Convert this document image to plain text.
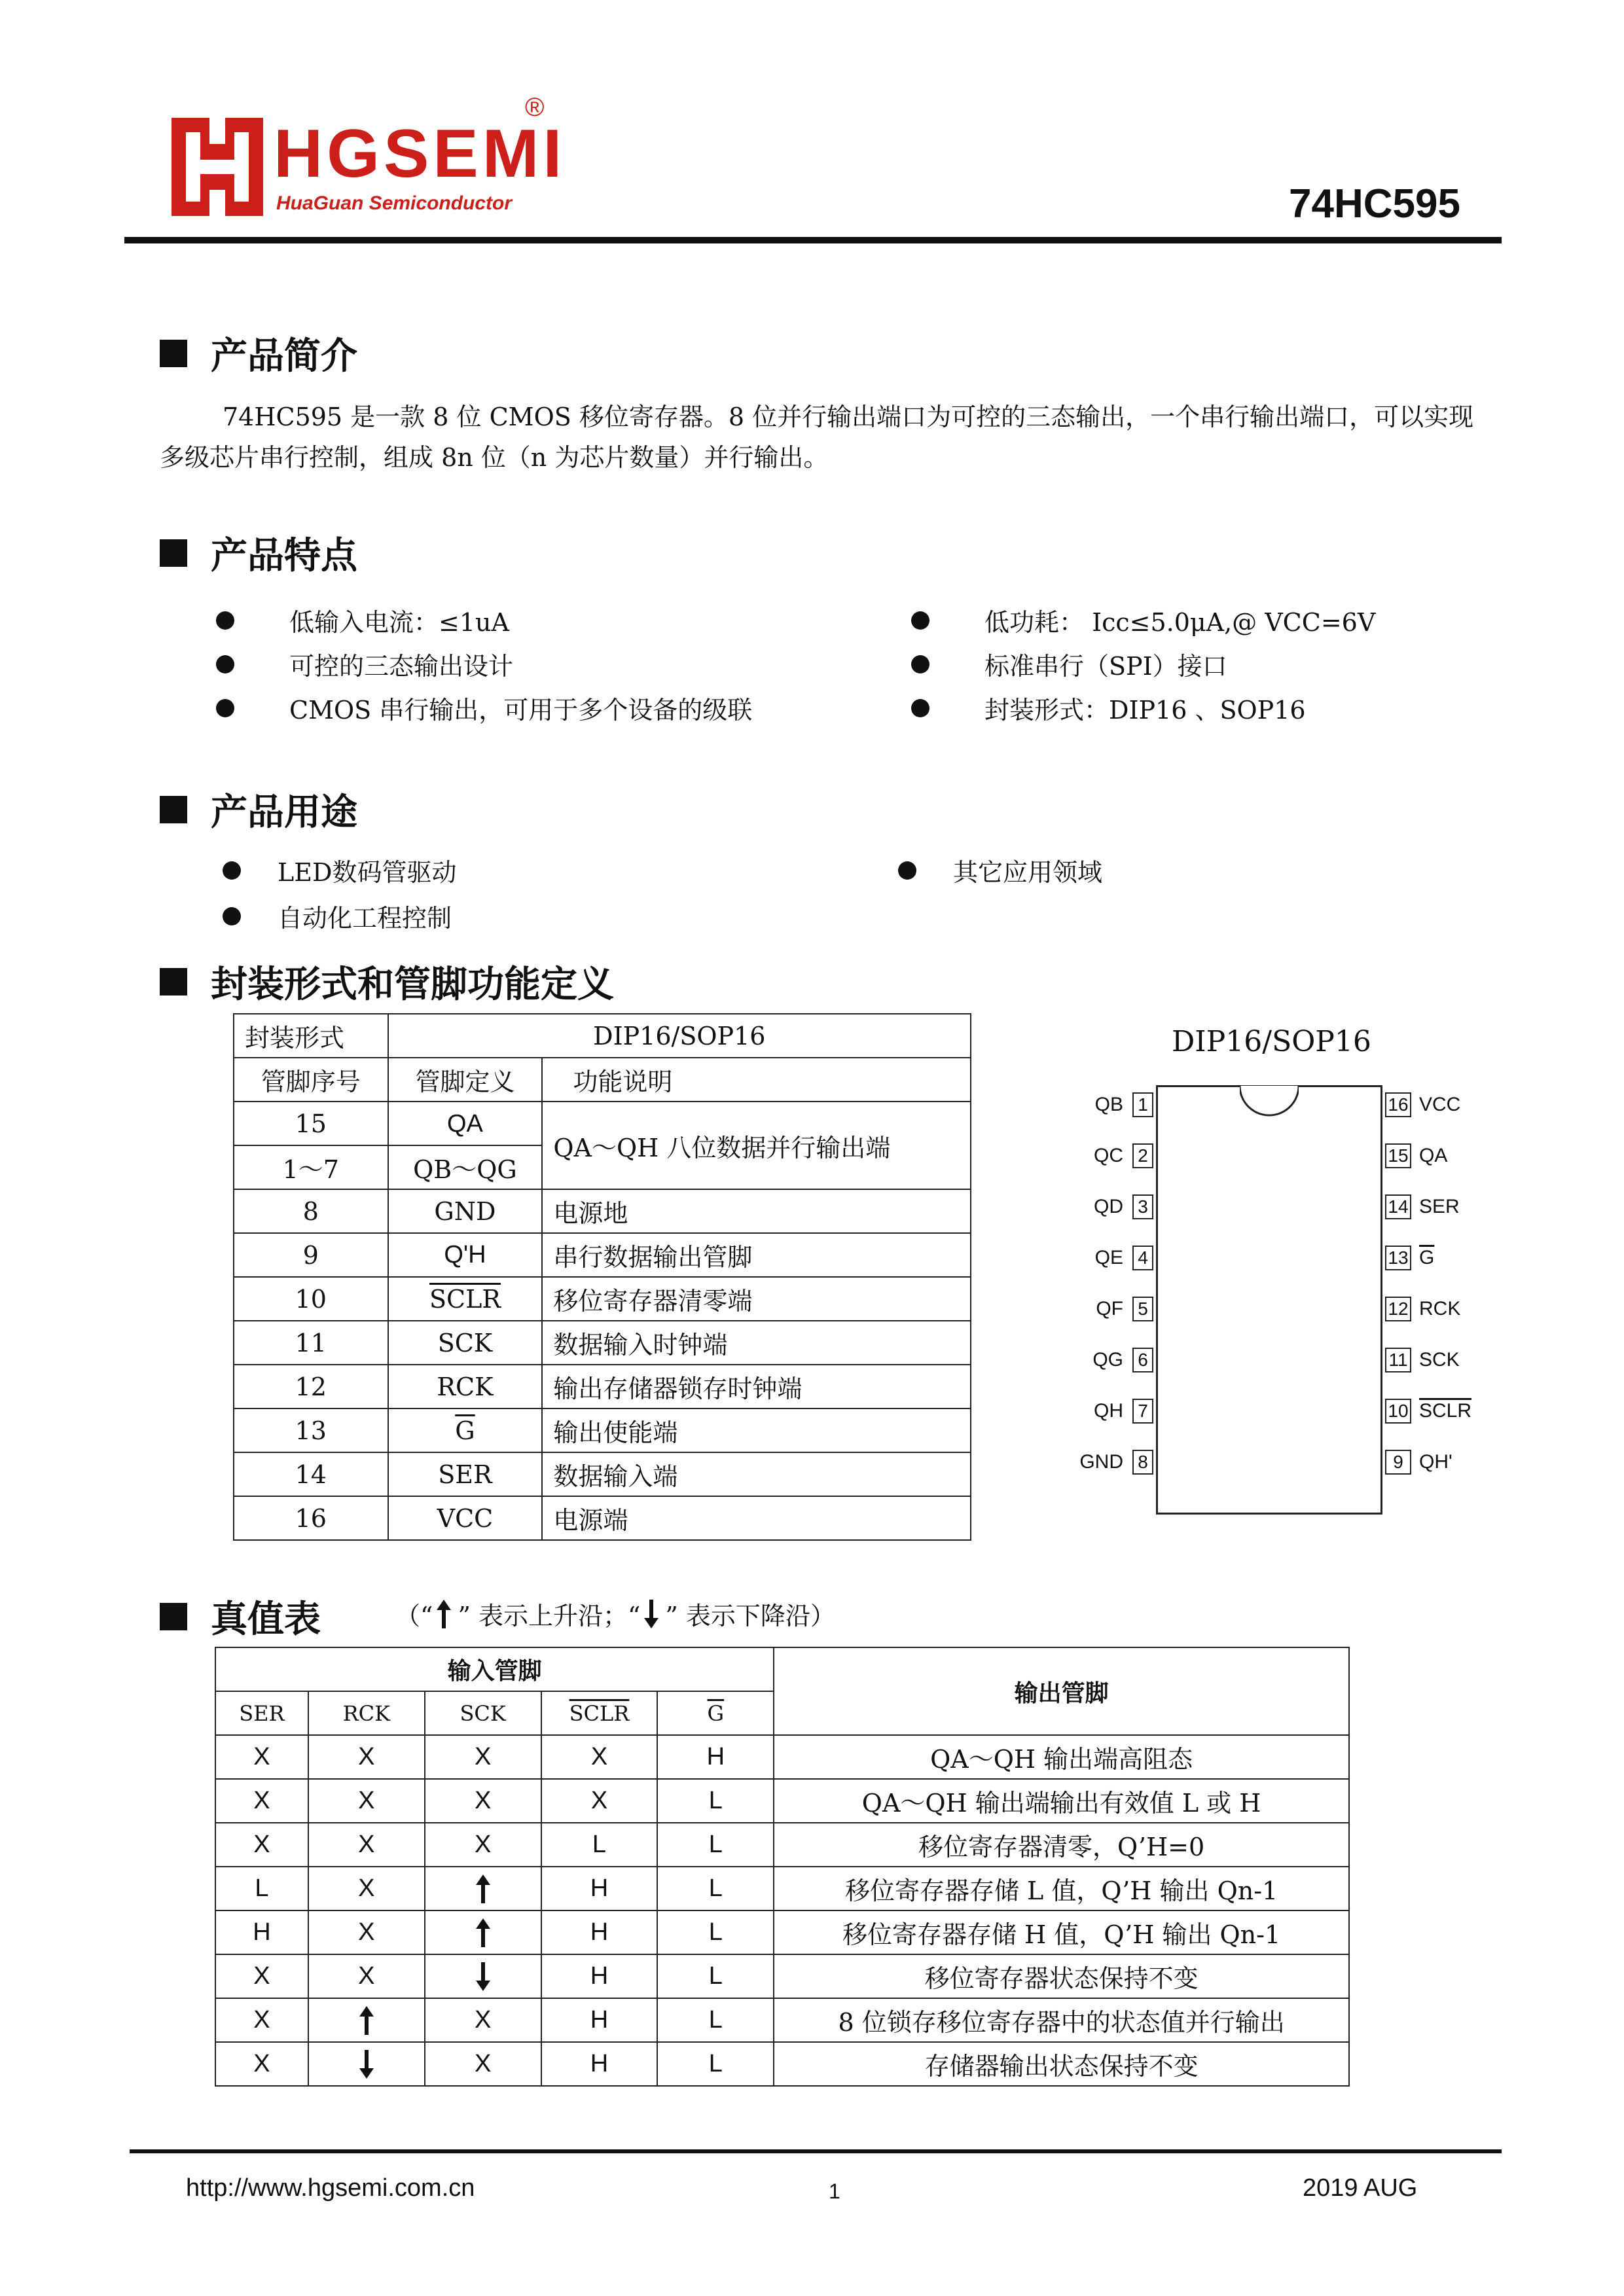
HGSEMI
®
HuaGuan Semiconductor	74HC595
产品简介
74HC595 是一款 8 位 CMOS 移位寄存器。8 位并行输出端口为可控的三态输出，一个串行输出端口，可以实现多级芯片串行控制，组成 8n 位（n 为芯片数量）并行输出。
产品特点
低输入电流：≤1uA
可控的三态输出设计
CMOS 串行输出，可用于多个设备的级联
低功耗： Icc≤5.0μA,@ VCC=6V
标准串行（SPI）接口
封装形式：DIP16 、SOP16
产品用途
LED数码管驱动
自动化工程控制
其它应用领域
封装形式和管脚功能定义
封装形式	DIP16/SOP16	
管脚序号	管脚定义	功能说明
15	QA	QA～QH 八位数据并行输出端
1～7	QB～QG	
8	GND	电源地
9	Q'H	串行数据输出管脚
10	SCLR	移位寄存器清零端
11	SCK	数据输入时钟端
12	RCK	输出存储器锁存时钟端
13	$\overline{G}$	输出使能端
14	SER	数据输入端
16	VCC	电源端
DIP16/SOP16
QB 1
QC 2
QD 3
QE 4
QF 5
QG 6
QH 7
GND 8
16 VCC
15 QA
14 SER
13 $\overline{G}$
12 RCK
11 SCK
10 SCLR
9 QH'
真值表	（“ ” 表示上升沿；“ ” 表示下降沿）
输入管脚					输出管脚
SER	RCK	SCK	SCLR	$\overline{G}$
X	X	X	X	H	QA～QH 输出端高阻态
X	X	X	X	L	QA～QH 输出端输出有效值 L 或 H
X	X	X	L	L	移位寄存器清零，Q’H=0
L	X		H	L	移位寄存器存储 L 值，Q’H 输出 Qn-1
H	X		H	L	移位寄存器存储 H 值，Q’H 输出 Qn-1
X	X		H	L	移位寄存器状态保持不变
X		X	H	L	8 位锁存移位寄存器中的状态值并行输出
X		X	H	L	存储器输出状态保持不变
http://www.hgsemi.com.cn	1	2019 AUG
